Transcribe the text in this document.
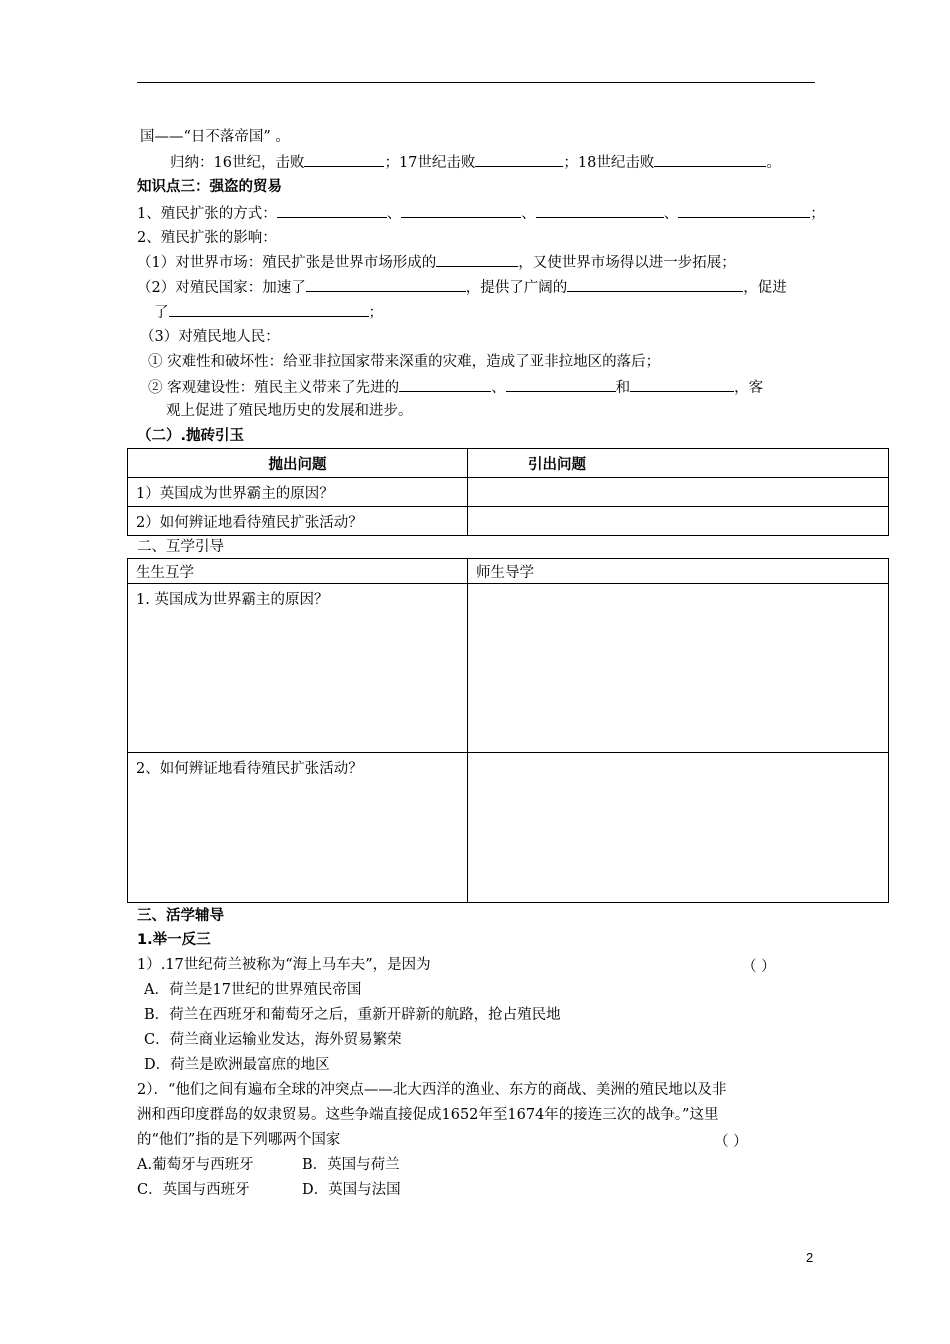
国——“日不落帝国” 。
归纳：16世纪，击败	；17世纪击败	；18世纪击败	。
知识点三：强盗的贸易
1、殖民扩张的方式：	、	、	、	；
2、殖民扩张的影响：
（1）对世界市场：殖民扩张是世界市场形成的	，又使世界市场得以进一步拓展；
（2）对殖民国家：加速了	，提供了广阔的	，促进
了	；
（3）对殖民地人民：
① 灾难性和破坏性：给亚非拉国家带来深重的灾难，造成了亚非拉地区的落后；
② 客观建设性：殖民主义带来了先进的	、	和	，客
观上促进了殖民地历史的发展和进步。
（二）.抛砖引玉
抛出问题	引出问题
1）英国成为世界霸主的原因？	
2）如何辨证地看待殖民扩张活动？	
二、互学引导
生生互学	师生导学
1. 英国成为世界霸主的原因？	
2、如何辨证地看待殖民扩张活动？	
三、活学辅导
1.举一反三
1）.17世纪荷兰被称为“海上马车夫”，是因为	（ ）
A．荷兰是17世纪的世界殖民帝国
B．荷兰在西班牙和葡萄牙之后，重新开辟新的航路，抢占殖民地
C．荷兰商业运输业发达，海外贸易繁荣
D．荷兰是欧洲最富庶的地区
2）．“他们之间有遍布全球的冲突点——北大西洋的渔业、东方的商战、美洲的殖民地以及非
洲和西印度群岛的奴隶贸易。这些争端直接促成1652年至1674年的接连三次的战争。”这里
的“他们”指的是下列哪两个国家	（ ）
A.葡萄牙与西班牙	B．英国与荷兰
C．英国与西班牙	D．英国与法国
2
